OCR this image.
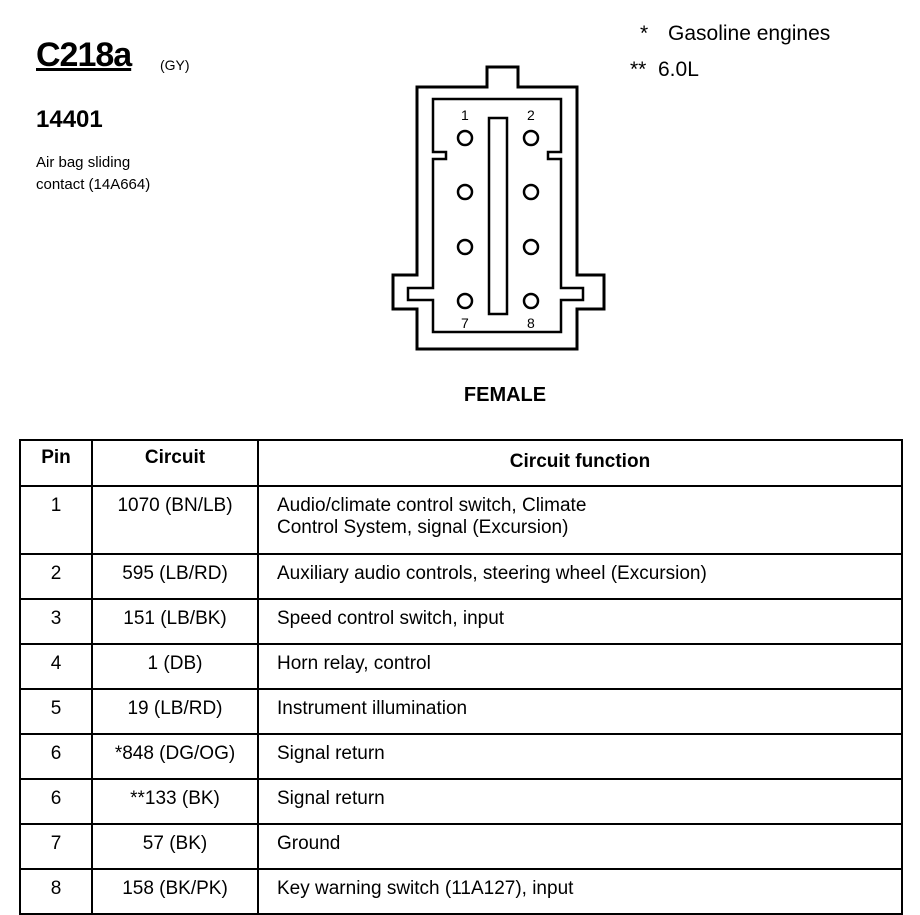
C218a (GY)
14401
Air bag sliding
contact (14A664)
* Gasoline engines
** 6.0L
1	2
7	8
FEMALE
Pin	Circuit	Circuit function
1	1070 (BN/LB)	Audio/climate control switch, Climate
Control System, signal (Excursion)

2	595 (LB/RD)	Auxiliary audio controls, steering wheel (Excursion)
3	151 (LB/BK)	Speed control switch, input
4	1 (DB)	Horn relay, control
5	19 (LB/RD)	Instrument illumination
6	*848 (DG/OG)	Signal return
6	**133 (BK)	Signal return
7	57 (BK)	Ground
8	158 (BK/PK)	Key warning switch (11A127), input
